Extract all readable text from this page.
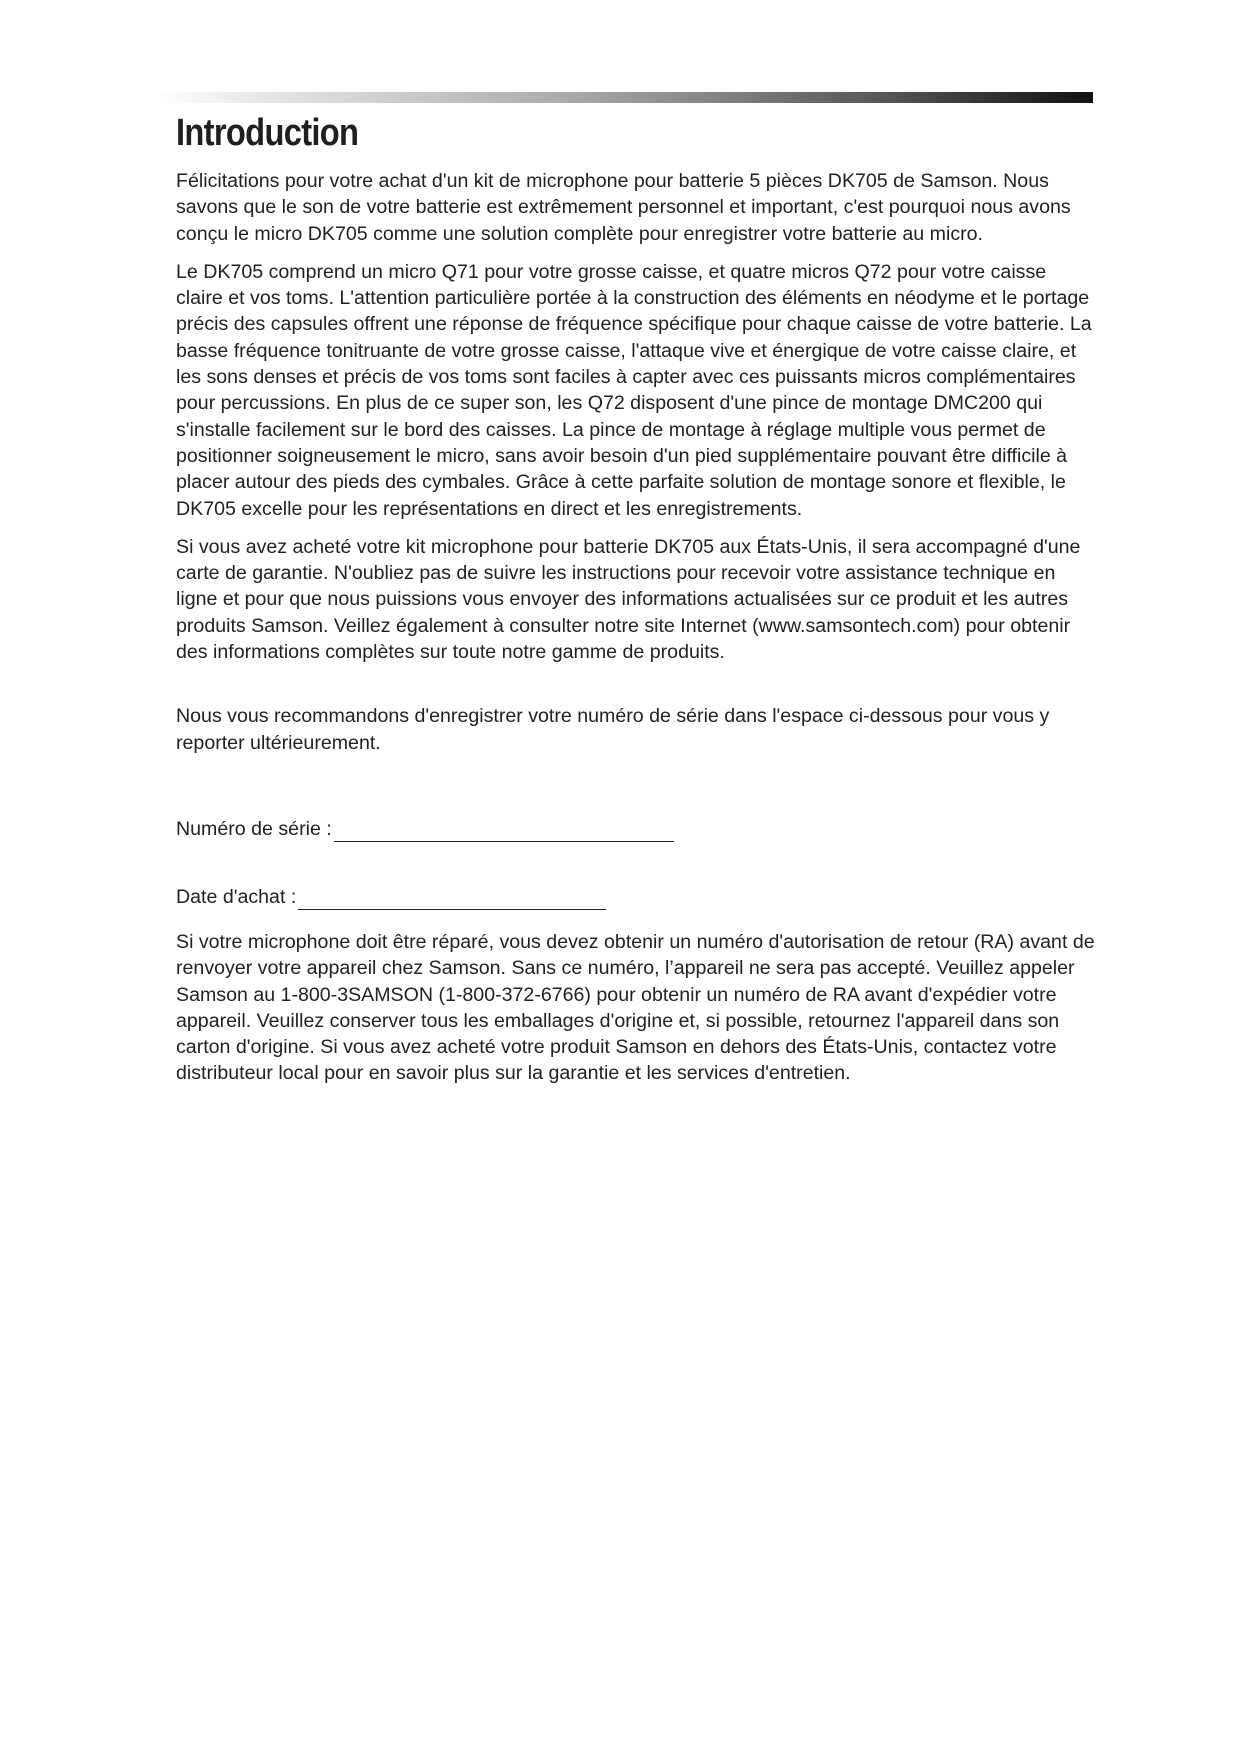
Introduction

Félicitations pour votre achat d'un kit de microphone pour batterie 5 pièces DK705 de Samson. Nous savons que le son de votre batterie est extrêmement personnel et important, c'est pourquoi nous avons conçu le micro DK705 comme une solution complète pour enregistrer votre batterie au micro.

Le DK705 comprend un micro Q71 pour votre grosse caisse, et quatre micros Q72 pour votre caisse claire et vos toms. L'attention particulière portée à la construction des éléments en néodyme et le portage précis des capsules offrent une réponse de fréquence spécifique pour chaque caisse de votre batterie. La basse fréquence tonitruante de votre grosse caisse, l'attaque vive et énergique de votre caisse claire, et les sons denses et précis de vos toms sont faciles à capter avec ces puissants micros complémentaires pour percussions. En plus de ce super son, les Q72 disposent d'une pince de montage DMC200 qui s'installe facilement sur le bord des caisses. La pince de montage à réglage multiple vous permet de positionner soigneusement le micro, sans avoir besoin d'un pied supplémentaire pouvant être difficile à placer autour des pieds des cymbales. Grâce à cette parfaite solution de montage sonore et flexible, le DK705 excelle pour les représentations en direct et les enregistrements.

Si vous avez acheté votre kit microphone pour batterie DK705 aux États-Unis, il sera accompagné d'une carte de garantie. N'oubliez pas de suivre les instructions pour recevoir votre assistance technique en ligne et pour que nous puissions vous envoyer des informations actualisées sur ce produit et les autres produits Samson. Veillez également à consulter notre site Internet (www.samsontech.com) pour obtenir des informations complètes sur toute notre gamme de produits.

Nous vous recommandons d'enregistrer votre numéro de série dans l'espace ci-dessous pour vous y reporter ultérieurement.

Numéro de série :
Date d'achat :

Si votre microphone doit être réparé, vous devez obtenir un numéro d'autorisation de retour (RA) avant de renvoyer votre appareil chez Samson. Sans ce numéro, l’appareil ne sera pas accepté. Veuillez appeler Samson au 1-800-3SAMSON (1-800-372-6766) pour obtenir un numéro de RA avant d'expédier votre appareil. Veuillez conserver tous les emballages d'origine et, si possible, retournez l'appareil dans son carton d'origine. Si vous avez acheté votre produit Samson en dehors des États-Unis, contactez votre distributeur local pour en savoir plus sur la garantie et les services d'entretien.
